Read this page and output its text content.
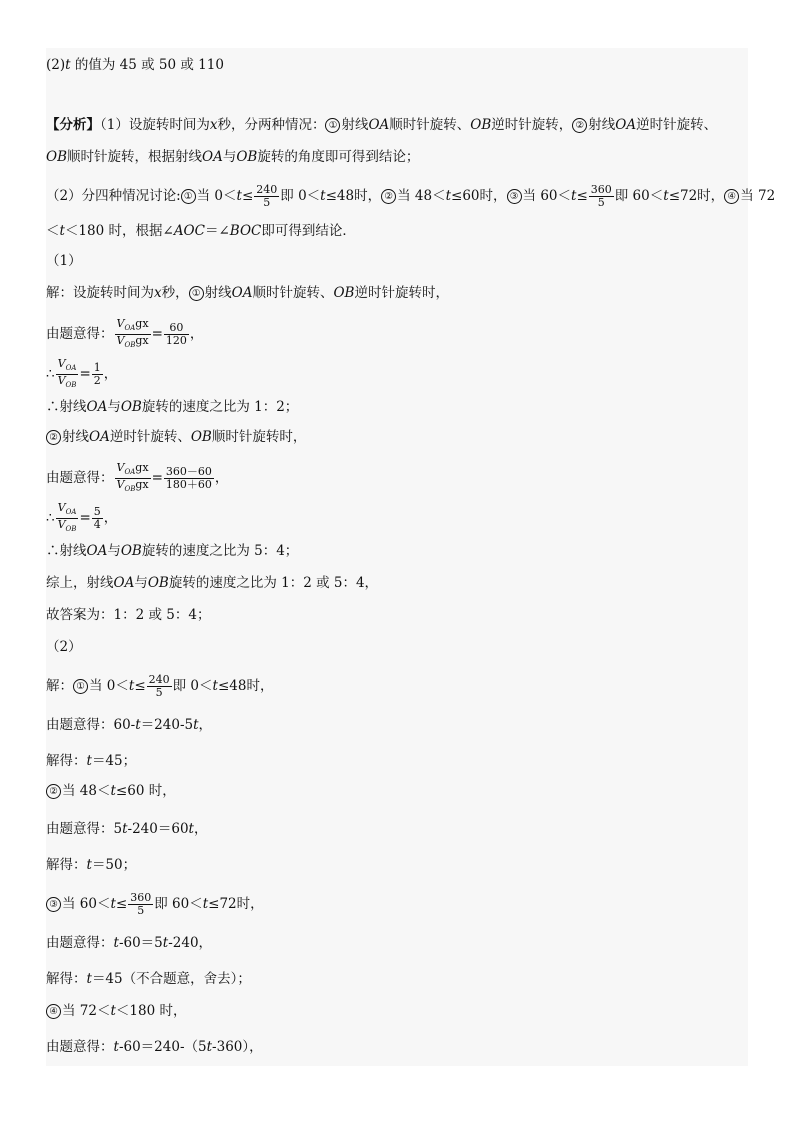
(2)t 的值为 45 或 50 或 110
【分析】（1）设旋转时间为x秒，分两种情况： ① 射线OA顺时针旋转、OB逆时针旋转， ② 射线OA逆时针旋转、
OB顺时针旋转，根据射线OA与OB旋转的角度即可得到结论；
（2）分四种情况讨论: ① 当 $0<t\le \frac{240}{5}$ 即 0＜t≤48时， ② 当 48＜t≤60时， ③ 当 $60<t\le \frac{360}{5}$ 即 60＜t≤72时， ④ 当 72
＜t＜180 时，根据∠AOC＝∠BOC即可得到结论．
（1）
解：设旋转时间为x秒， ① 射线OA顺时针旋转、OB逆时针旋转时，
由题意得： $\frac{V_{OA}gx}{V_{OB}gx} = \frac{60}{120}$ ，
∴ $\frac{V_{OA}}{V_{OB}} = \frac{1}{2}$ ，
∴射线OA与OB旋转的速度之比为 1：2；
② 射线OA逆时针旋转、OB顺时针旋转时，
由题意得： $\frac{V_{OA}gx}{V_{OB}gx} = \frac{360-60}{180+60}$ ，
∴ $\frac{V_{OA}}{V_{OB}} = \frac{5}{4}$ ，
∴射线OA与OB旋转的速度之比为 5：4；
综上，射线OA与OB旋转的速度之比为 1：2 或 5：4，
故答案为：1：2 或 5：4；
（2）
解： ① 当 $0<t\le \frac{240}{5}$ 即 0＜t≤48时，
由题意得：60-t＝240-5t，
解得：t＝45；
② 当 48＜t≤60 时，
由题意得：5t-240＝60t，
解得：t＝50；
③ 当 $60<t\le \frac{360}{5}$ 即 60＜t≤72时，
由题意得：t-60＝5t-240，
解得：t＝45（不合题意，舍去）；
④ 当 72＜t＜180 时，
由题意得：t-60＝240-（5t-360），
